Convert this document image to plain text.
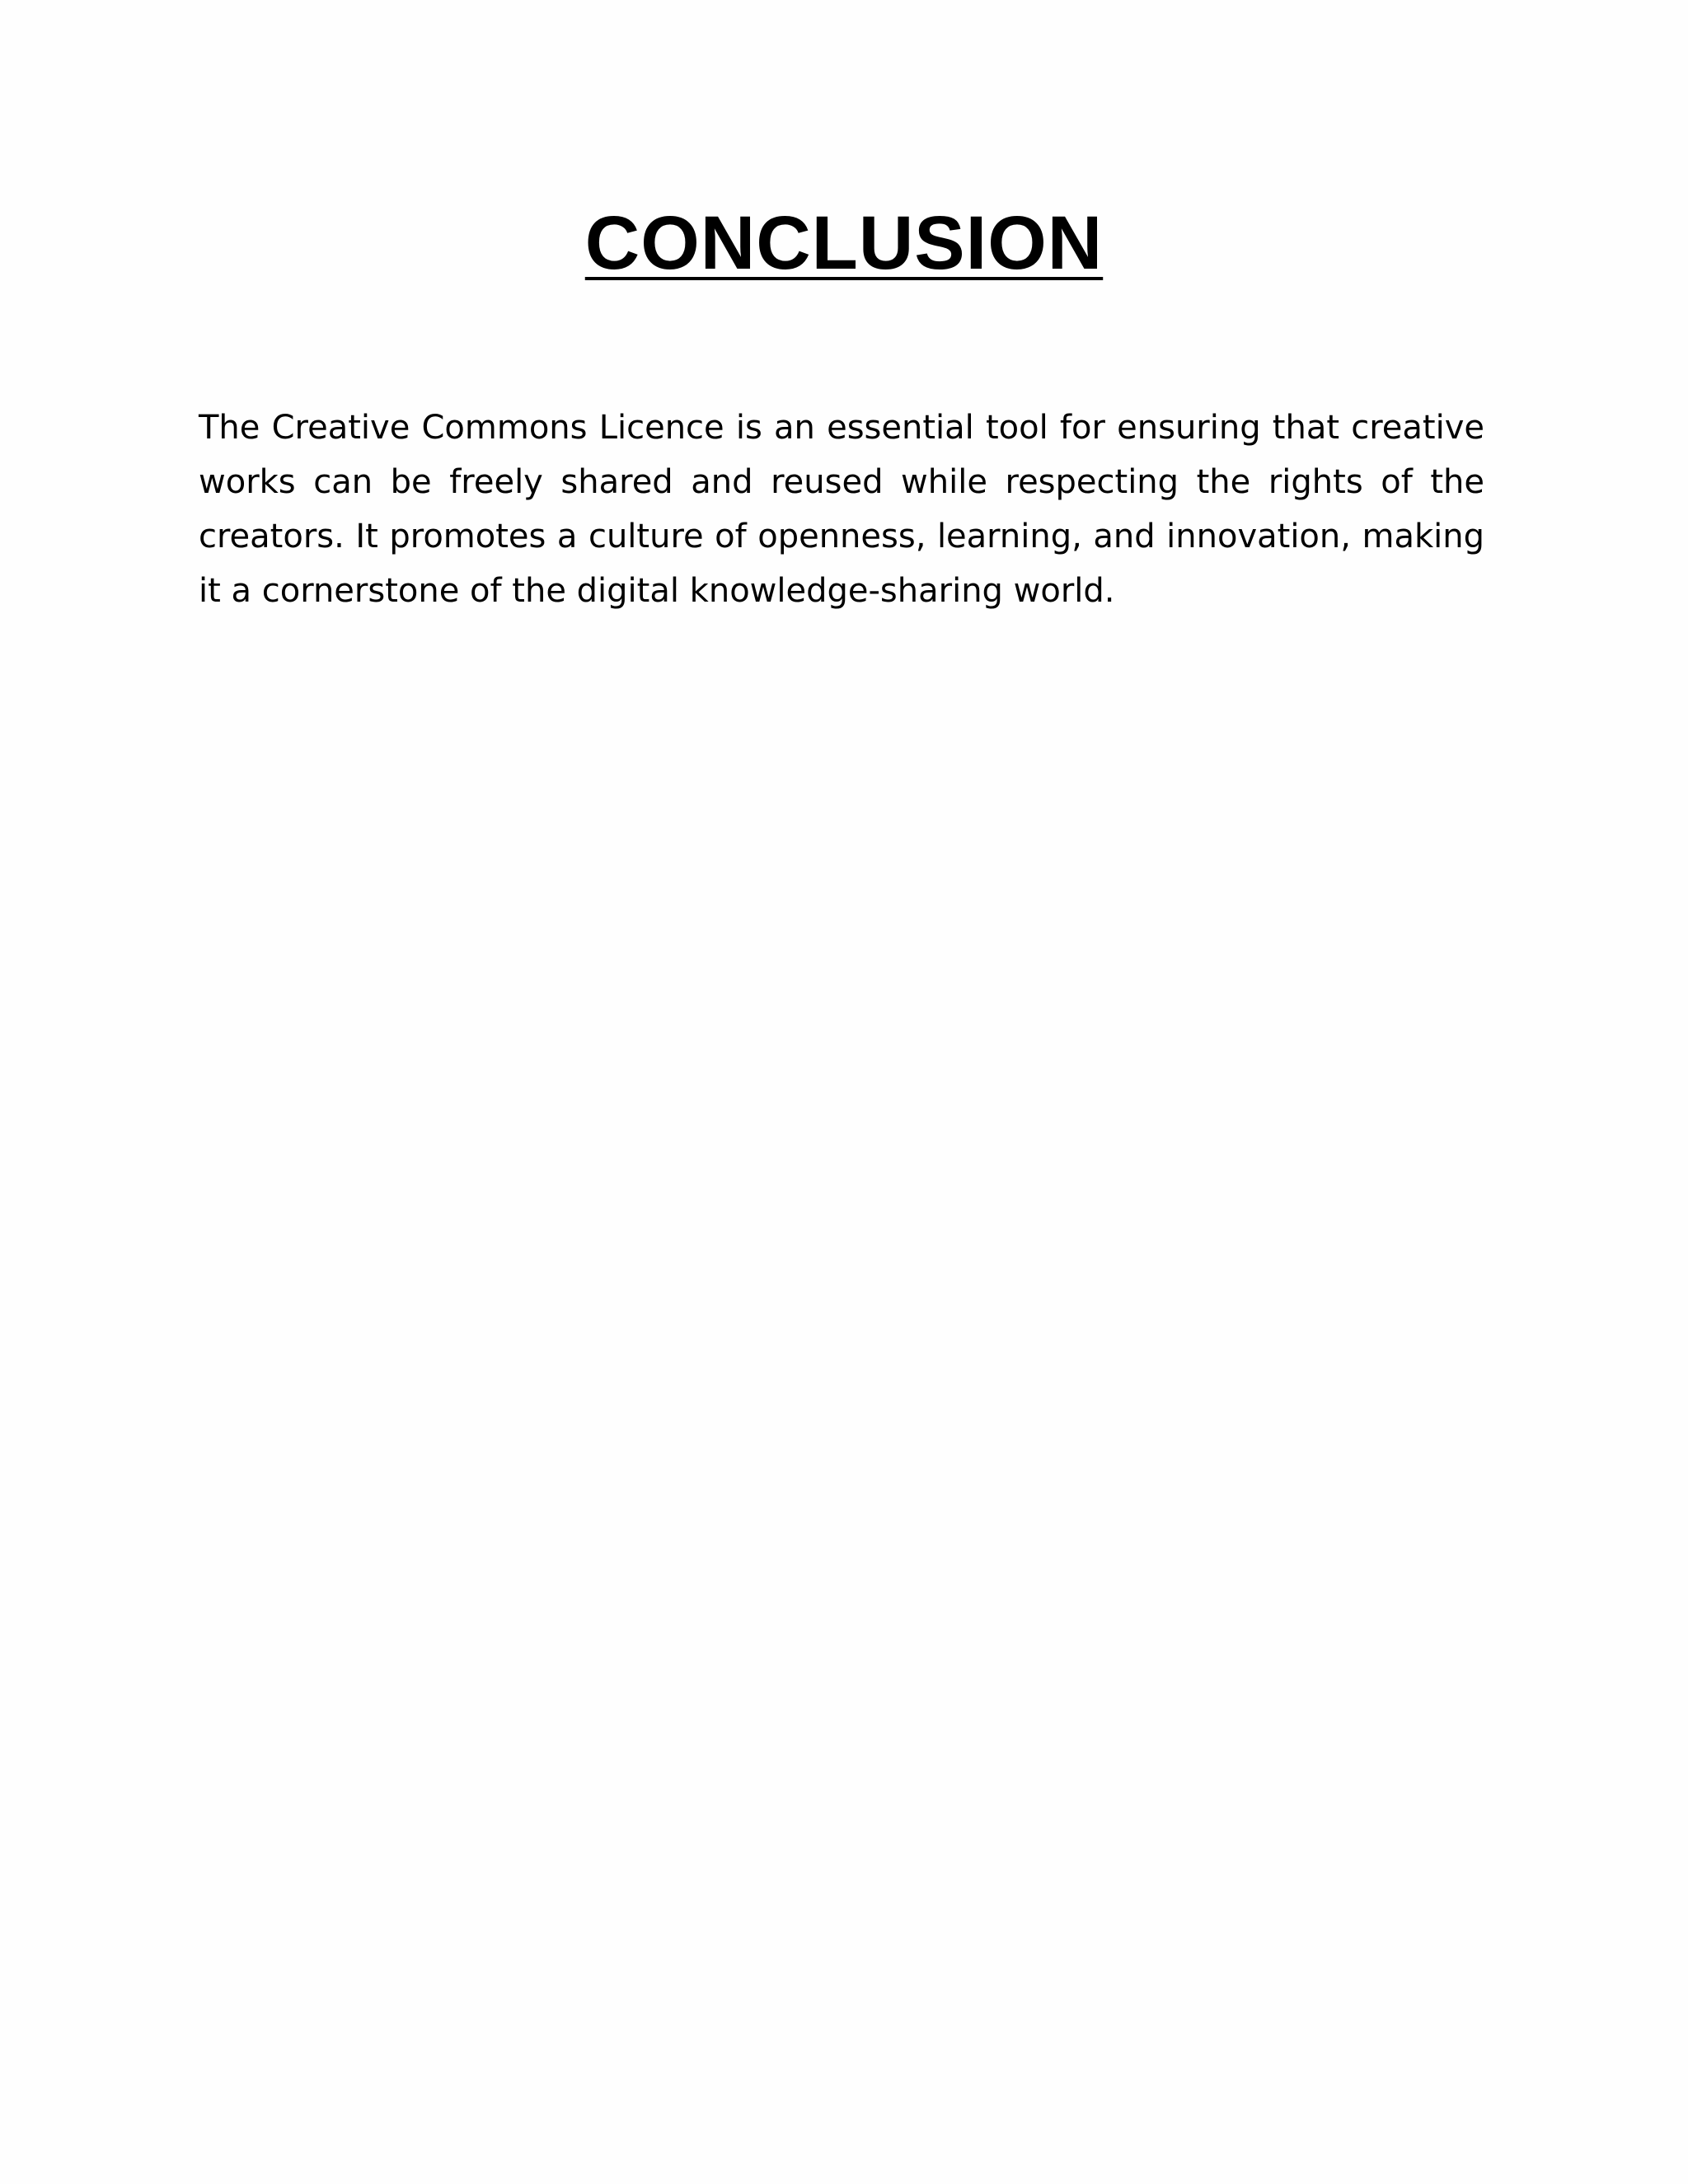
CONCLUSION

The Creative Commons Licence is an essential tool for ensuring that creative works can be freely shared and reused while respecting the rights of the creators. It promotes a culture of openness, learning, and innovation, making it a cornerstone of the digital knowledge-sharing world.
